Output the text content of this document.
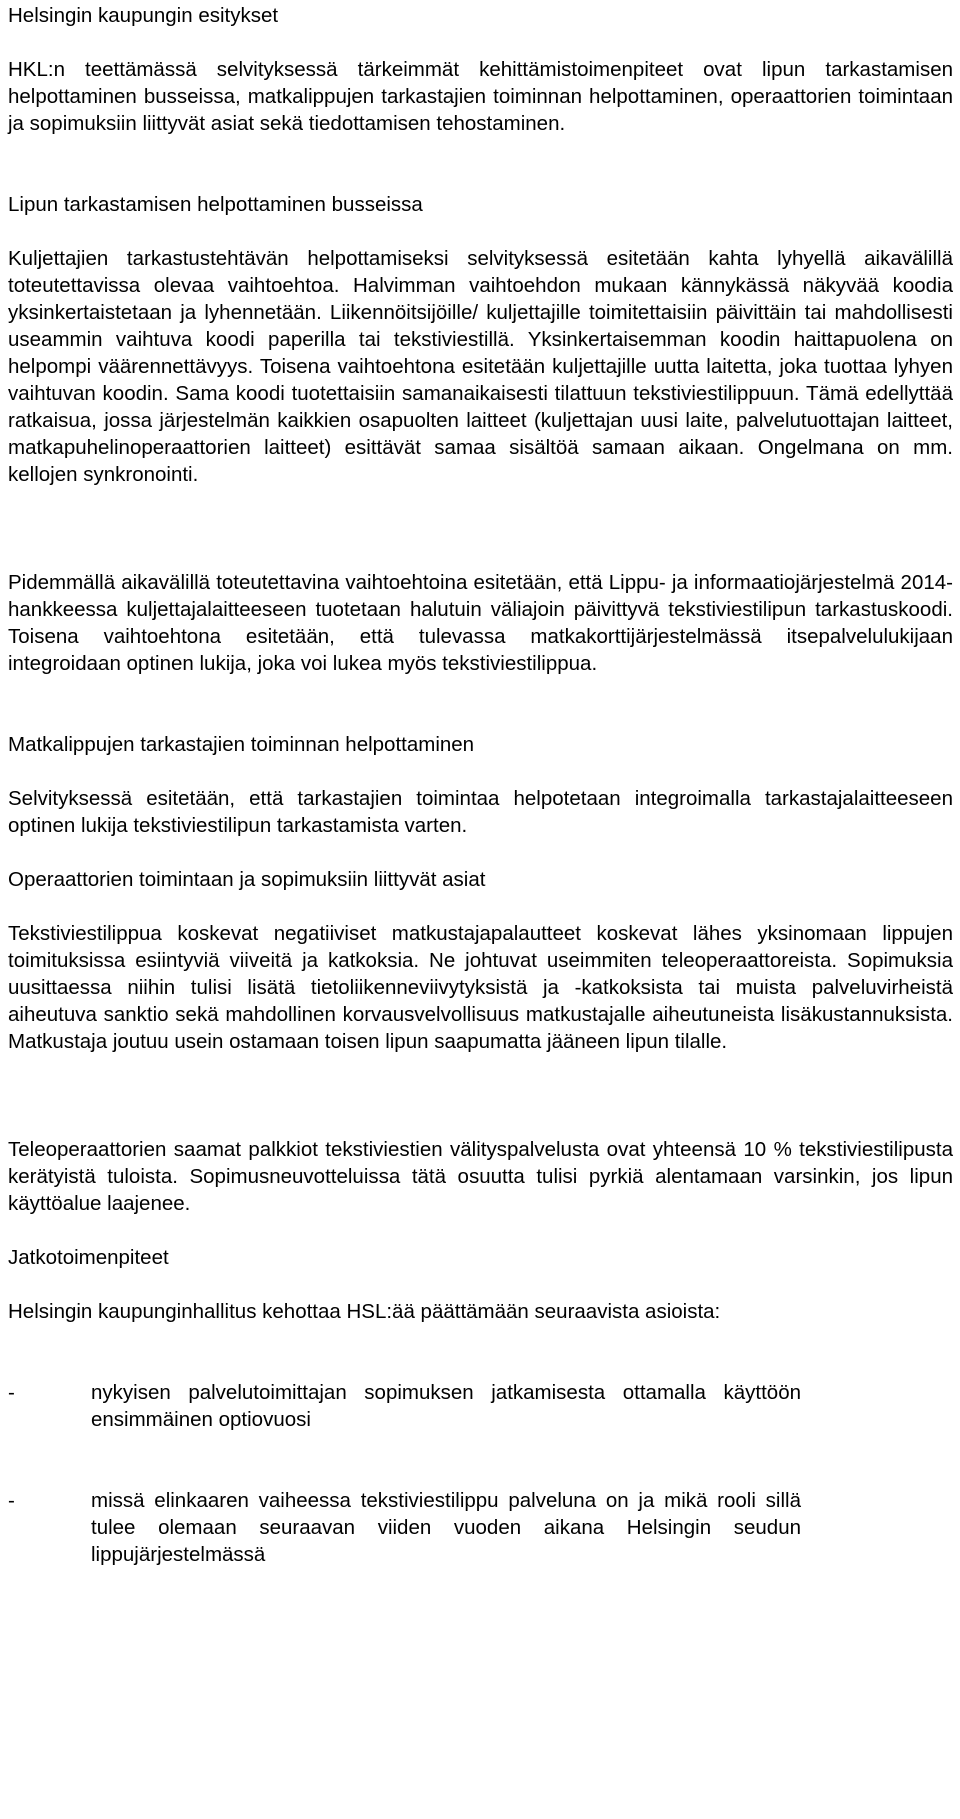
Helsingin kaupungin esitykset

HKL:n teettämässä selvityksessä tärkeimmät kehittämistoimenpiteet ovat lipun tarkastamisen helpottaminen busseissa, matkalippujen tarkastajien toiminnan helpottaminen, operaattorien toimintaan ja sopimuksiin liittyvät asiat sekä tiedottamisen tehostaminen.

Lipun tarkastamisen helpottaminen busseissa

Kuljettajien tarkastustehtävän helpottamiseksi selvityksessä esitetään kahta lyhyellä aikavälillä toteutettavissa olevaa vaihtoehtoa. Halvimman vaihtoehdon mukaan kännykässä näkyvää koodia yksinkertaistetaan ja lyhennetään. Liikennöitsijöille/ kuljettajille toimitettaisiin päivittäin tai mahdollisesti useammin vaihtuva koodi paperilla tai tekstiviestillä. Yksinkertaisemman koodin haittapuolena on helpompi väärennettävyys. Toisena vaihtoehtona esitetään kuljettajille uutta laitetta, joka tuottaa lyhyen vaihtuvan koodin. Sama koodi tuotettaisiin samanaikaisesti tilattuun tekstiviestilippuun. Tämä edellyttää ratkaisua, jossa järjestelmän kaikkien osapuolten laitteet (kuljettajan uusi laite, palvelutuottajan laitteet, matkapuhelinoperaattorien laitteet) esittävät samaa sisältöä samaan aikaan. Ongelmana on mm. kellojen synkronointi.

Pidemmällä aikavälillä toteutettavina vaihtoehtoina esitetään, että Lippu- ja informaatiojärjestelmä 2014-hankkeessa kuljettajalaitteeseen tuotetaan halutuin väliajoin päivittyvä tekstiviestilipun tarkastuskoodi. Toisena vaihtoehtona esitetään, että tulevassa matkakorttijärjestelmässä itsepalvelulukijaan integroidaan optinen lukija, joka voi lukea myös tekstiviestilippua.

Matkalippujen tarkastajien toiminnan helpottaminen

Selvityksessä esitetään, että tarkastajien toimintaa helpotetaan integroimalla tarkastajalaitteeseen optinen lukija tekstiviestilipun tarkastamista varten.

Operaattorien toimintaan ja sopimuksiin liittyvät asiat

Tekstiviestilippua koskevat negatiiviset matkustajapalautteet koskevat lähes yksinomaan lippujen toimituksissa esiintyviä viiveitä ja katkoksia. Ne johtuvat useimmiten teleoperaattoreista. Sopimuksia uusittaessa niihin tulisi lisätä tietoliikenneviivytyksistä ja -katkoksista tai muista palveluvirheistä aiheutuva sanktio sekä mahdollinen korvausvelvollisuus matkustajalle aiheutuneista lisäkustannuksista. Matkustaja joutuu usein ostamaan toisen lipun saapumatta jääneen lipun tilalle.

Teleoperaattorien saamat palkkiot tekstiviestien välityspalvelusta ovat yhteensä 10 % tekstiviestilipusta kerätyistä tuloista. Sopimusneuvotteluissa tätä osuutta tulisi pyrkiä alentamaan varsinkin, jos lipun käyttöalue laajenee.

Jatkotoimenpiteet

Helsingin kaupunginhallitus kehottaa HSL:ää päättämään seuraavista asioista:

-	nykyisen palvelutoimittajan sopimuksen jatkamisesta ottamalla käyttöön ensimmäinen optiovuosi
-	missä elinkaaren vaiheessa tekstiviestilippu palveluna on ja mikä rooli sillä tulee olemaan seuraavan viiden vuoden aikana Helsingin seudun lippujärjestelmässä
